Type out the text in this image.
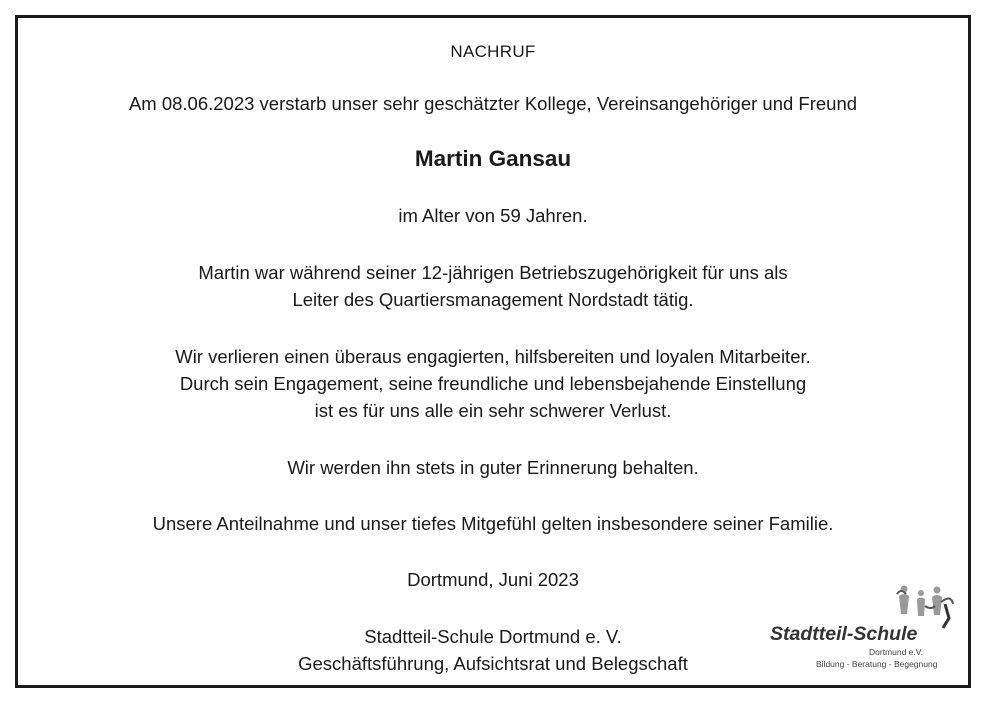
NACHRUF
Am 08.06.2023 verstarb unser sehr geschätzter Kollege, Vereinsangehöriger und Freund
Martin Gansau
im Alter von 59 Jahren.
Martin war während seiner 12-jährigen Betriebszugehörigkeit für uns als
Leiter des Quartiersmanagement Nordstadt tätig.
Wir verlieren einen überaus engagierten, hilfsbereiten und loyalen Mitarbeiter.
Durch sein Engagement, seine freundliche und lebensbejahende Einstellung
ist es für uns alle ein sehr schwerer Verlust.
Wir werden ihn stets in guter Erinnerung behalten.
Unsere Anteilnahme und unser tiefes Mitgefühl gelten insbesondere seiner Familie.
Dortmund, Juni 2023
Stadtteil-Schule Dortmund e. V.
Geschäftsführung, Aufsichtsrat und Belegschaft
Stadtteil-Schule
Dortmund e.V.
Bildung - Beratung - Begegnung
